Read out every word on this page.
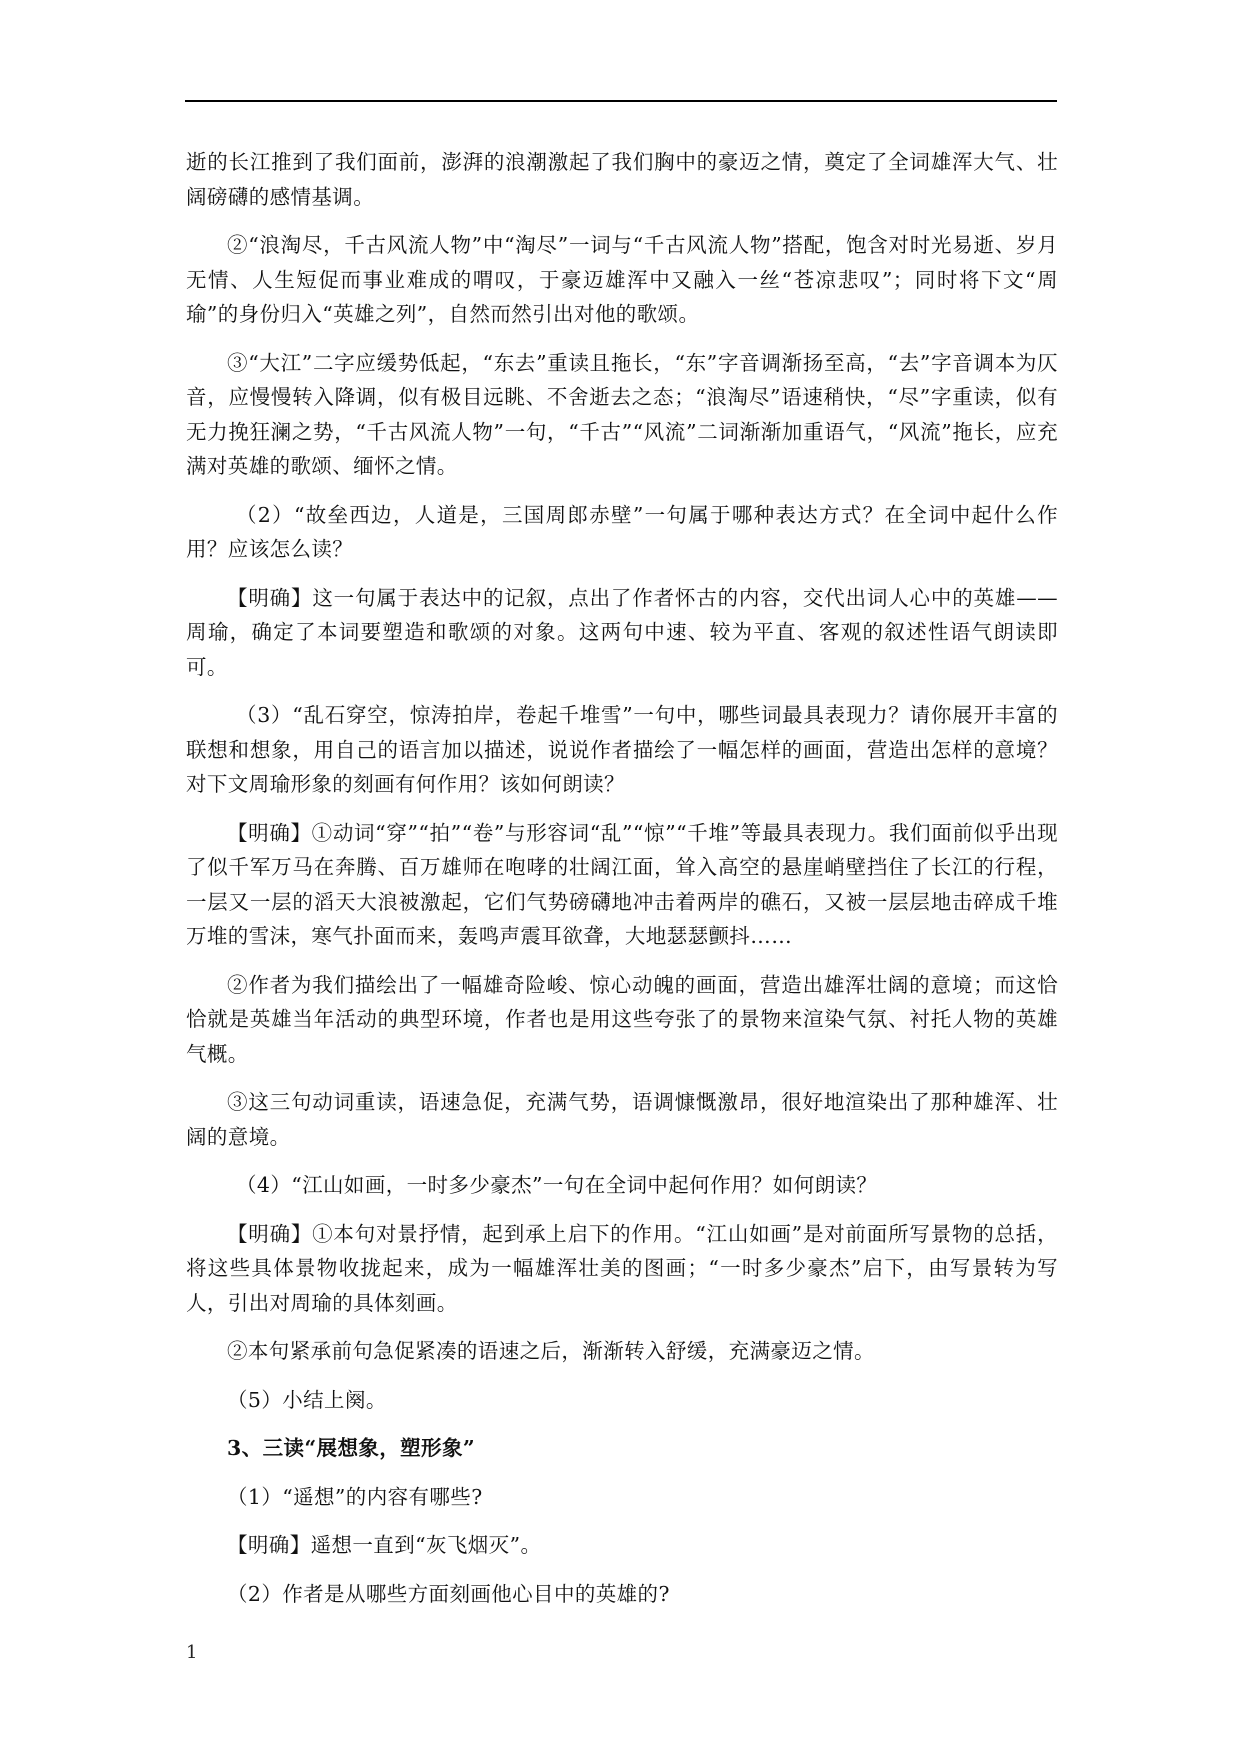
逝的长江推到了我们面前，澎湃的浪潮激起了我们胸中的豪迈之情，奠定了全词雄浑大气、壮阔磅礴的感情基调。

②“浪淘尽，千古风流人物”中“淘尽”一词与“千古风流人物”搭配，饱含对时光易逝、岁月无情、人生短促而事业难成的喟叹，于豪迈雄浑中又融入一丝“苍凉悲叹”；同时将下文“周瑜”的身份归入“英雄之列”，自然而然引出对他的歌颂。

③“大江”二字应缓势低起，“东去”重读且拖长，“东”字音调渐扬至高，“去”字音调本为仄音，应慢慢转入降调，似有极目远眺、不舍逝去之态；“浪淘尽”语速稍快，“尽”字重读，似有无力挽狂澜之势，“千古风流人物”一句，“千古”“风流”二词渐渐加重语气，“风流”拖长，应充满对英雄的歌颂、缅怀之情。

（2）“故垒西边，人道是，三国周郎赤壁”一句属于哪种表达方式？在全词中起什么作用？应该怎么读？

【明确】这一句属于表达中的记叙，点出了作者怀古的内容，交代出词人心中的英雄——周瑜，确定了本词要塑造和歌颂的对象。这两句中速、较为平直、客观的叙述性语气朗读即可。

（3）“乱石穿空，惊涛拍岸，卷起千堆雪”一句中，哪些词最具表现力？请你展开丰富的联想和想象，用自己的语言加以描述，说说作者描绘了一幅怎样的画面，营造出怎样的意境？对下文周瑜形象的刻画有何作用？该如何朗读？

【明确】①动词“穿”“拍”“卷”与形容词“乱”“惊”“千堆”等最具表现力。我们面前似乎出现了似千军万马在奔腾、百万雄师在咆哮的壮阔江面，耸入高空的悬崖峭壁挡住了长江的行程，一层又一层的滔天大浪被激起，它们气势磅礴地冲击着两岸的礁石，又被一层层地击碎成千堆万堆的雪沫，寒气扑面而来，轰鸣声震耳欲聋，大地瑟瑟颤抖……

②作者为我们描绘出了一幅雄奇险峻、惊心动魄的画面，营造出雄浑壮阔的意境；而这恰恰就是英雄当年活动的典型环境，作者也是用这些夸张了的景物来渲染气氛、衬托人物的英雄气概。

③这三句动词重读，语速急促，充满气势，语调慷慨激昂，很好地渲染出了那种雄浑、壮阔的意境。

（4）“江山如画，一时多少豪杰”一句在全词中起何作用？如何朗读？

【明确】①本句对景抒情，起到承上启下的作用。“江山如画”是对前面所写景物的总括，将这些具体景物收拢起来，成为一幅雄浑壮美的图画；“一时多少豪杰”启下，由写景转为写人，引出对周瑜的具体刻画。

②本句紧承前句急促紧凑的语速之后，渐渐转入舒缓，充满豪迈之情。

（5）小结上阕。

3、三读“展想象，塑形象”

（1）“遥想”的内容有哪些?

【明确】遥想一直到“灰飞烟灭”。

（2）作者是从哪些方面刻画他心目中的英雄的?

1
